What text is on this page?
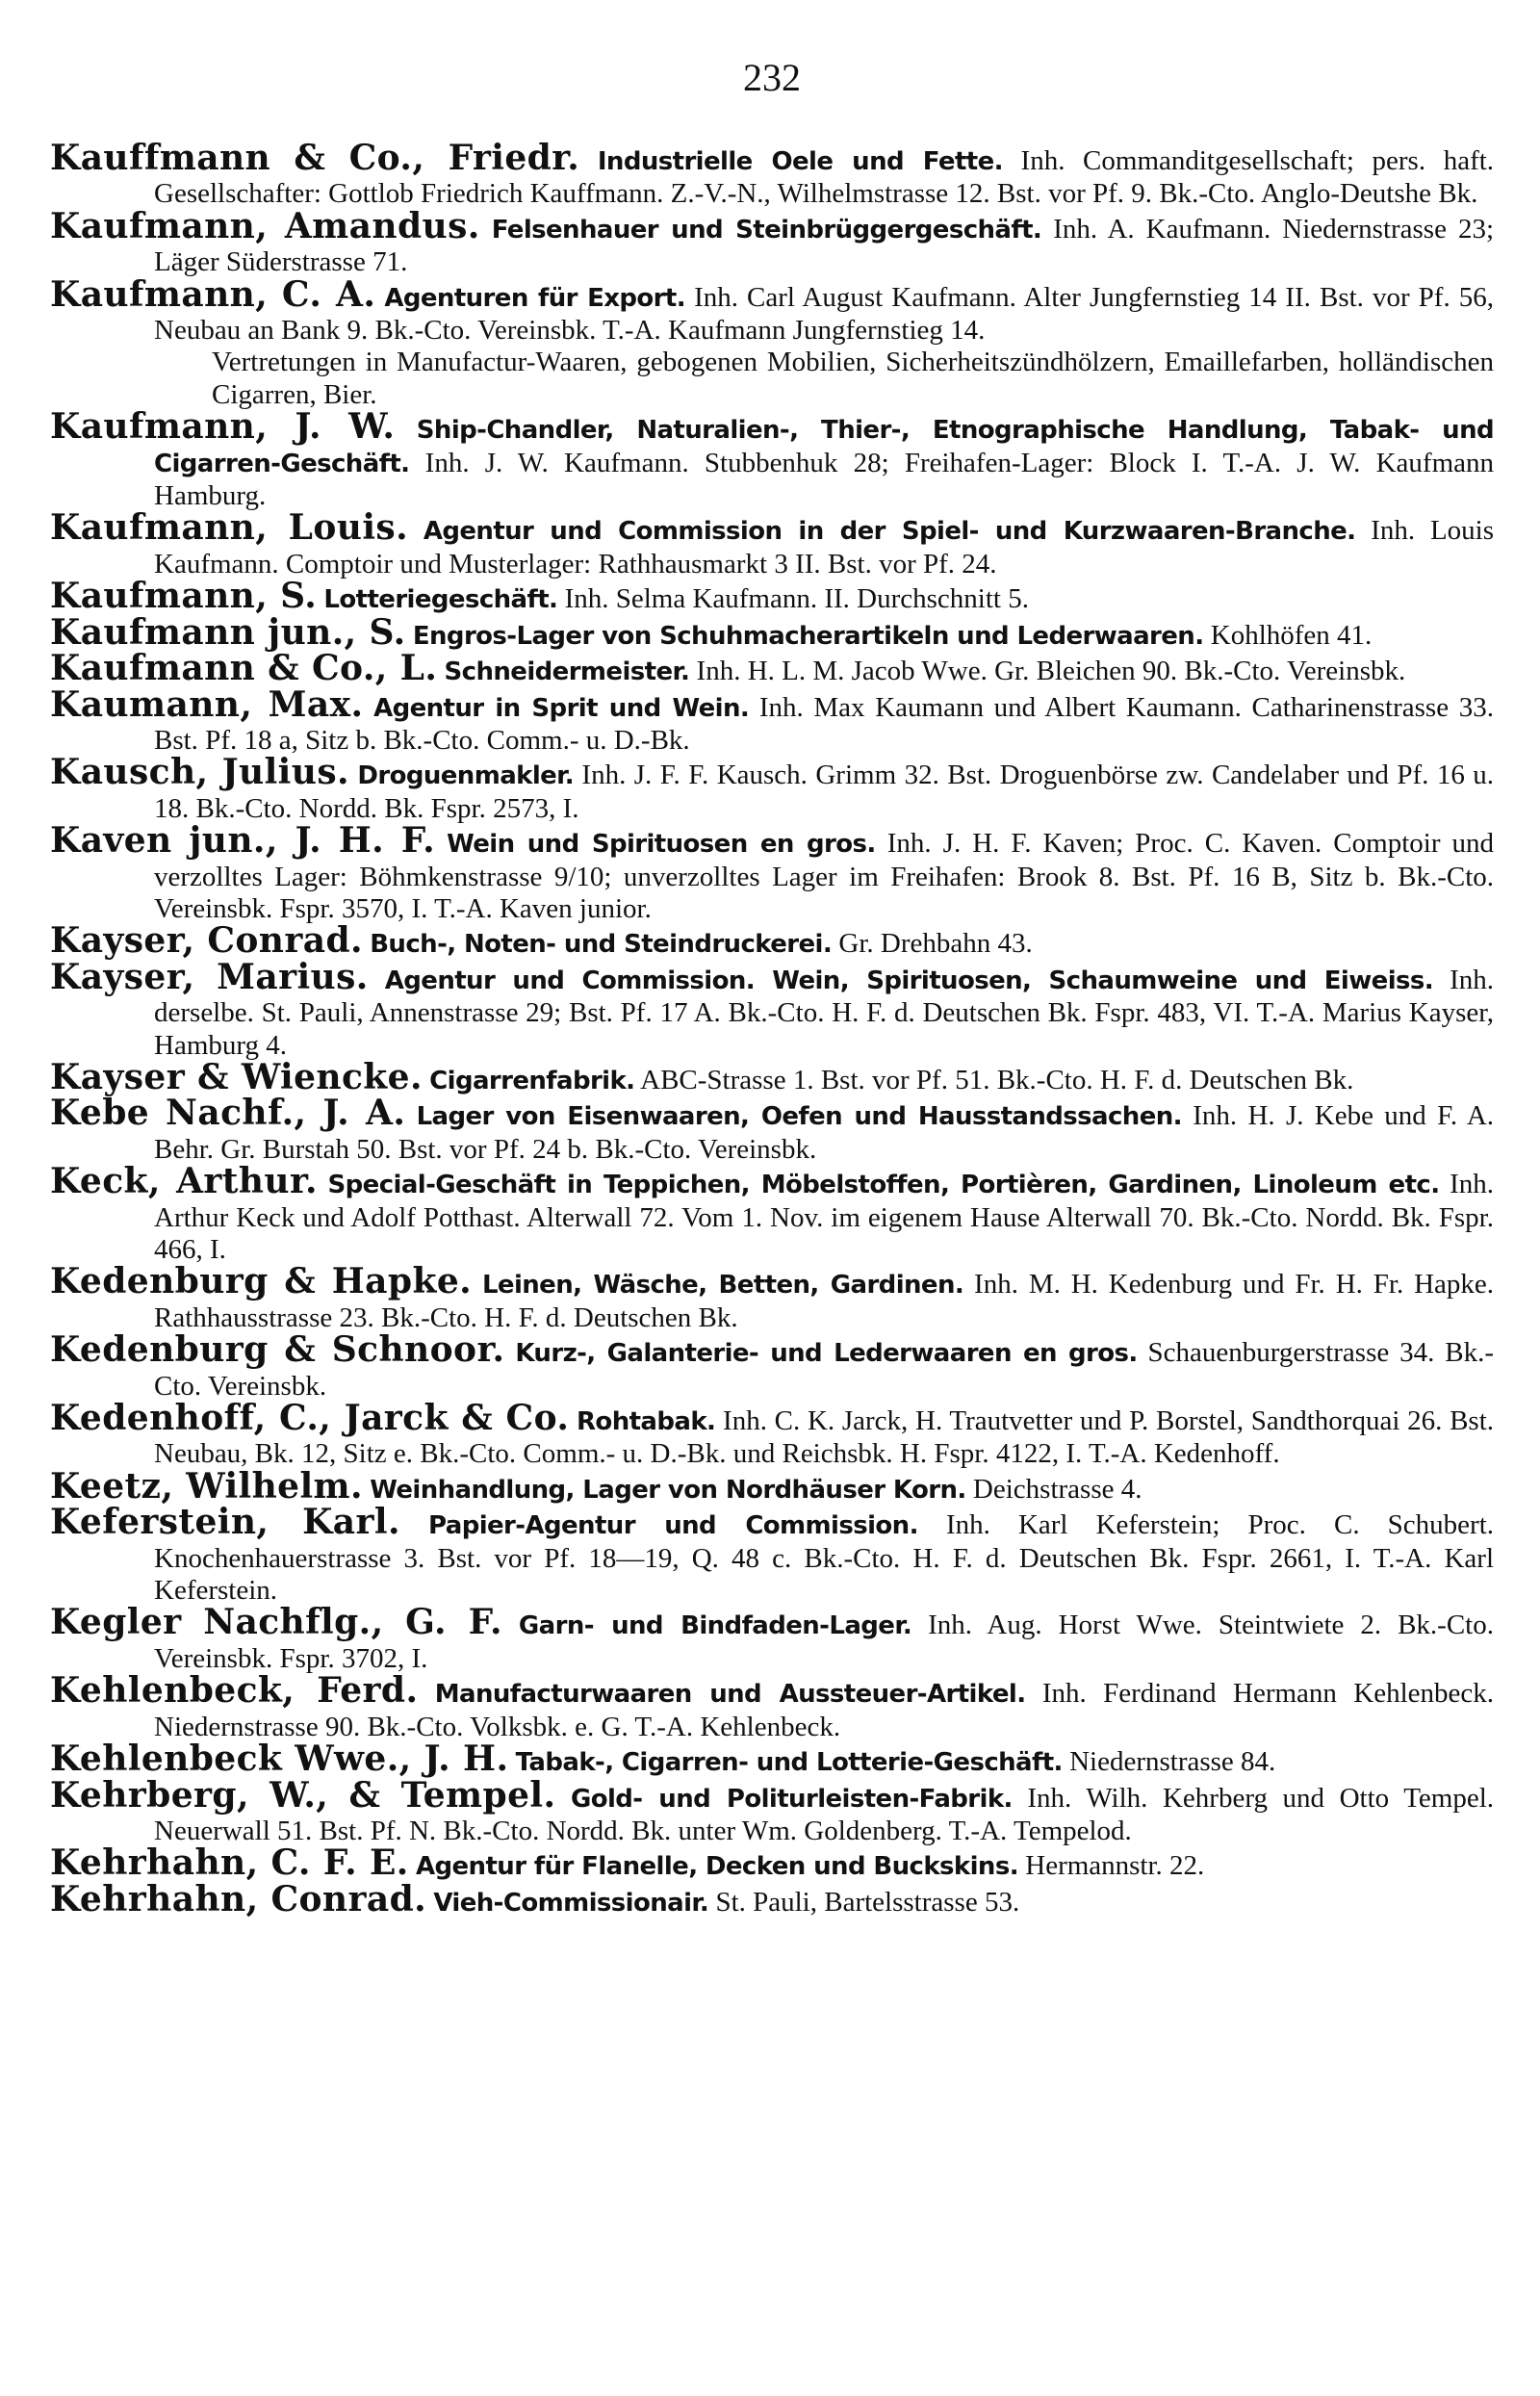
232

Kauffmann & Co., Friedr. Industrielle Oele und Fette. Inh. Commanditgesellschaft; pers. haft. Gesellschafter: Gottlob Friedrich Kauffmann. Z.-V.-N., Wilhelmstrasse 12. Bst. vor Pf. 9. Bk.-Cto. Anglo-Deutshe Bk.

Kaufmann, Amandus. Felsenhauer und Steinbrüggergeschäft. Inh. A. Kaufmann. Niedernstrasse 23; Läger Süderstrasse 71.

Kaufmann, C. A. Agenturen für Export. Inh. Carl August Kaufmann. Alter Jungfernstieg 14 II. Bst. vor Pf. 56, Neubau an Bank 9. Bk.-Cto. Vereinsbk. T.-A. Kaufmann Jungfernstieg 14.
Vertretungen in Manufactur-Waaren, gebogenen Mobilien, Sicherheitszündhölzern, Emaillefarben, holländischen Cigarren, Bier.

Kaufmann, J. W. Ship-Chandler, Naturalien-, Thier-, Etnographische Handlung, Tabak- und Cigarren-Geschäft. Inh. J. W. Kaufmann. Stubbenhuk 28; Freihafen-Lager: Block I. T.-A. J. W. Kaufmann Hamburg.

Kaufmann, Louis. Agentur und Commission in der Spiel- und Kurzwaaren-Branche. Inh. Louis Kaufmann. Comptoir und Musterlager: Rathhausmarkt 3 II. Bst. vor Pf. 24.

Kaufmann, S. Lotteriegeschäft. Inh. Selma Kaufmann. II. Durchschnitt 5.

Kaufmann jun., S. Engros-Lager von Schuhmacherartikeln und Lederwaaren. Kohlhöfen 41.

Kaufmann & Co., L. Schneidermeister. Inh. H. L. M. Jacob Wwe. Gr. Bleichen 90. Bk.-Cto. Vereinsbk.

Kaumann, Max. Agentur in Sprit und Wein. Inh. Max Kaumann und Albert Kaumann. Catharinenstrasse 33. Bst. Pf. 18 a, Sitz b. Bk.-Cto. Comm.- u. D.-Bk.

Kausch, Julius. Droguenmakler. Inh. J. F. F. Kausch. Grimm 32. Bst. Droguenbörse zw. Candelaber und Pf. 16 u. 18. Bk.-Cto. Nordd. Bk. Fspr. 2573, I.

Kaven jun., J. H. F. Wein und Spirituosen en gros. Inh. J. H. F. Kaven; Proc. C. Kaven. Comptoir und verzolltes Lager: Böhmkenstrasse 9/10; unverzolltes Lager im Freihafen: Brook 8. Bst. Pf. 16 B, Sitz b. Bk.-Cto. Vereinsbk. Fspr. 3570, I. T.-A. Kaven junior.

Kayser, Conrad. Buch-, Noten- und Steindruckerei. Gr. Drehbahn 43.

Kayser, Marius. Agentur und Commission. Wein, Spirituosen, Schaumweine und Eiweiss. Inh. derselbe. St. Pauli, Annenstrasse 29; Bst. Pf. 17 A. Bk.-Cto. H. F. d. Deutschen Bk. Fspr. 483, VI. T.-A. Marius Kayser, Hamburg 4.

Kayser & Wiencke. Cigarrenfabrik. ABC-Strasse 1. Bst. vor Pf. 51. Bk.-Cto. H. F. d. Deutschen Bk.

Kebe Nachf., J. A. Lager von Eisenwaaren, Oefen und Hausstandssachen. Inh. H. J. Kebe und F. A. Behr. Gr. Burstah 50. Bst. vor Pf. 24 b. Bk.-Cto. Vereinsbk.

Keck, Arthur. Special-Geschäft in Teppichen, Möbelstoffen, Portièren, Gardinen, Linoleum etc. Inh. Arthur Keck und Adolf Potthast. Alterwall 72. Vom 1. Nov. im eigenem Hause Alterwall 70. Bk.-Cto. Nordd. Bk. Fspr. 466, I.

Kedenburg & Hapke. Leinen, Wäsche, Betten, Gardinen. Inh. M. H. Kedenburg und Fr. H. Fr. Hapke. Rathhausstrasse 23. Bk.-Cto. H. F. d. Deutschen Bk.

Kedenburg & Schnoor. Kurz-, Galanterie- und Lederwaaren en gros. Schauenburgerstrasse 34. Bk.-Cto. Vereinsbk.

Kedenhoff, C., Jarck & Co. Rohtabak. Inh. C. K. Jarck, H. Trautvetter und P. Borstel, Sandthorquai 26. Bst. Neubau, Bk. 12, Sitz e. Bk.-Cto. Comm.- u. D.-Bk. und Reichsbk. H. Fspr. 4122, I. T.-A. Kedenhoff.

Keetz, Wilhelm. Weinhandlung, Lager von Nordhäuser Korn. Deichstrasse 4.

Keferstein, Karl. Papier-Agentur und Commission. Inh. Karl Keferstein; Proc. C. Schubert. Knochenhauerstrasse 3. Bst. vor Pf. 18—19, Q. 48 c. Bk.-Cto. H. F. d. Deutschen Bk. Fspr. 2661, I. T.-A. Karl Keferstein.

Kegler Nachflg., G. F. Garn- und Bindfaden-Lager. Inh. Aug. Horst Wwe. Steintwiete 2. Bk.-Cto. Vereinsbk. Fspr. 3702, I.

Kehlenbeck, Ferd. Manufacturwaaren und Aussteuer-Artikel. Inh. Ferdinand Hermann Kehlenbeck. Niedernstrasse 90. Bk.-Cto. Volksbk. e. G. T.-A. Kehlenbeck.

Kehlenbeck Wwe., J. H. Tabak-, Cigarren- und Lotterie-Geschäft. Niedernstrasse 84.

Kehrberg, W., & Tempel. Gold- und Politurleisten-Fabrik. Inh. Wilh. Kehrberg und Otto Tempel. Neuerwall 51. Bst. Pf. N. Bk.-Cto. Nordd. Bk. unter Wm. Goldenberg. T.-A. Tempelod.

Kehrhahn, C. F. E. Agentur für Flanelle, Decken und Buckskins. Hermannstr. 22.

Kehrhahn, Conrad. Vieh-Commissionair. St. Pauli, Bartelsstrasse 53.
